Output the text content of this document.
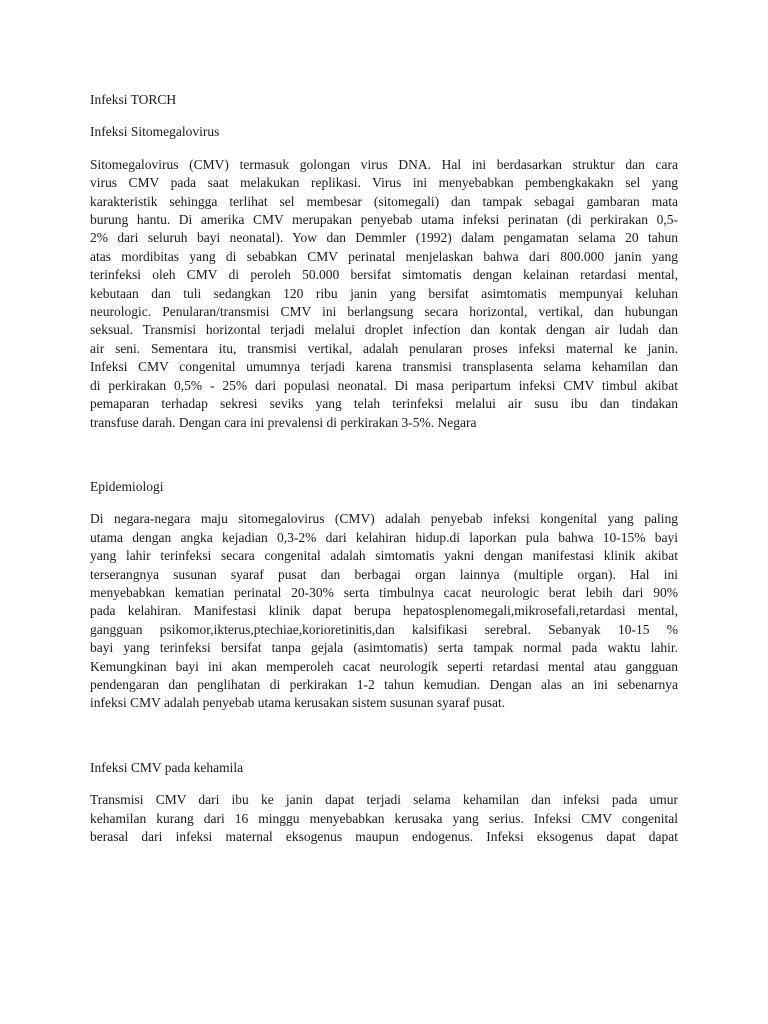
Infeksi TORCH
Infeksi Sitomegalovirus
Sitomegalovirus (CMV) termasuk golongan virus DNA. Hal ini berdasarkan struktur dan cara
virus CMV pada saat melakukan replikasi. Virus ini menyebabkan pembengkakakn sel yang
karakteristik sehingga terlihat sel membesar (sitomegali) dan tampak sebagai gambaran mata
burung hantu. Di amerika CMV merupakan penyebab utama infeksi perinatan (di perkirakan 0,5-
2% dari seluruh bayi neonatal). Yow dan Demmler (1992) dalam pengamatan selama 20 tahun
atas mordibitas yang di sebabkan CMV perinatal menjelaskan bahwa dari 800.000 janin yang
terinfeksi oleh CMV di peroleh 50.000 bersifat simtomatis dengan kelainan retardasi mental,
kebutaan dan tuli sedangkan 120 ribu janin yang bersifat asimtomatis mempunyai keluhan
neurologic. Penularan/transmisi CMV ini berlangsung secara horizontal, vertikal, dan hubungan
seksual. Transmisi horizontal terjadi melalui droplet infection dan kontak dengan air ludah dan
air seni. Sementara itu, transmisi vertikal, adalah penularan proses infeksi maternal ke janin.
Infeksi CMV congenital umumnya terjadi karena transmisi transplasenta selama kehamilan dan
di perkirakan 0,5% - 25% dari populasi neonatal. Di masa peripartum infeksi CMV timbul akibat
pemaparan terhadap sekresi seviks yang telah terinfeksi melalui air susu ibu dan tindakan
transfuse darah. Dengan cara ini prevalensi di perkirakan 3-5%. Negara
Epidemiologi
Di negara-negara maju sitomegalovirus (CMV) adalah penyebab infeksi kongenital yang paling
utama dengan angka kejadian 0,3-2% dari kelahiran hidup.di laporkan pula bahwa 10-15% bayi
yang lahir terinfeksi secara congenital adalah simtomatis yakni dengan manifestasi klinik akibat
terserangnya susunan syaraf pusat dan berbagai organ lainnya (multiple organ). Hal ini
menyebabkan kematian perinatal 20-30% serta timbulnya cacat neurologic berat lebih dari 90%
pada kelahiran. Manifestasi klinik dapat berupa hepatosplenomegali,mikrosefali,retardasi mental,
gangguan psikomor,ikterus,ptechiae,korioretinitis,dan kalsifikasi serebral. Sebanyak 10-15 %
bayi yang terinfeksi bersifat tanpa gejala (asimtomatis) serta tampak normal pada waktu lahir.
Kemungkinan bayi ini akan memperoleh cacat neurologik seperti retardasi mental atau gangguan
pendengaran dan penglihatan di perkirakan 1-2 tahun kemudian. Dengan alas an ini sebenarnya
infeksi CMV adalah penyebab utama kerusakan sistem susunan syaraf pusat.
Infeksi CMV pada kehamila
Transmisi CMV dari ibu ke janin dapat terjadi selama kehamilan dan infeksi pada umur
kehamilan kurang dari 16 minggu menyebabkan kerusaka yang serius. Infeksi CMV congenital
berasal dari infeksi maternal eksogenus maupun endogenus. Infeksi eksogenus dapat dapat
